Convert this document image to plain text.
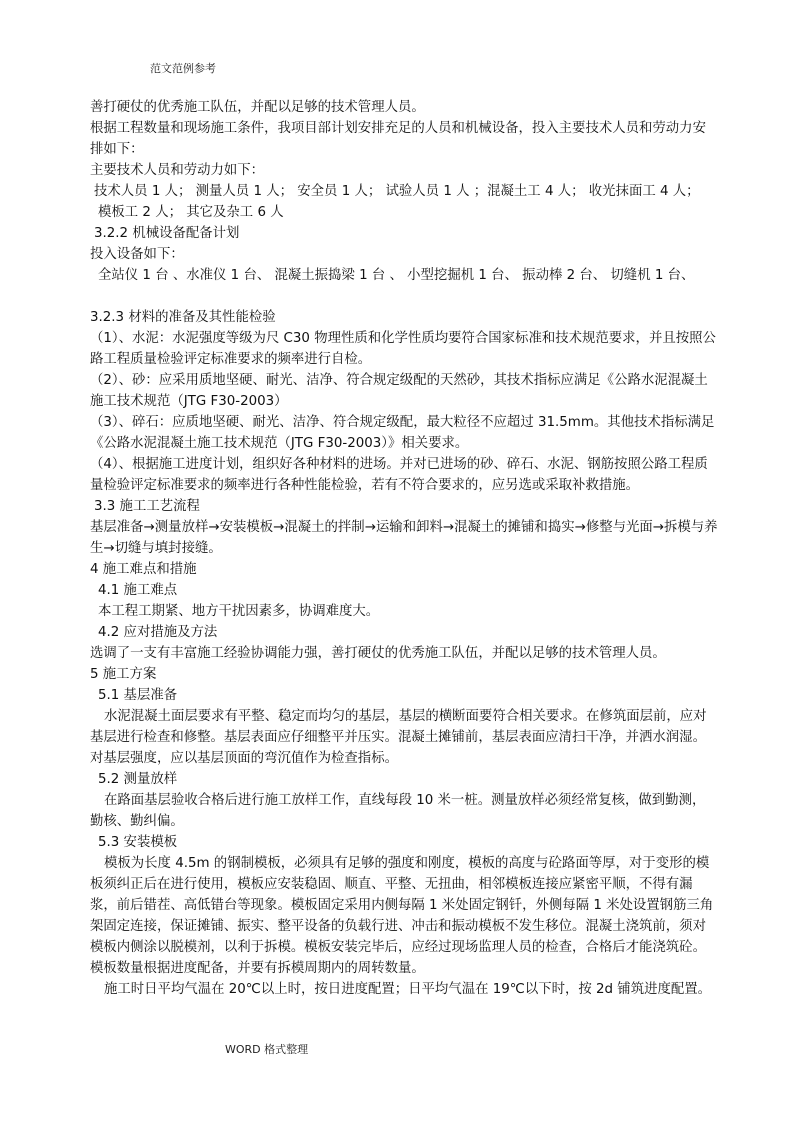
范文范例参考

善打硬仗的优秀施工队伍，并配以足够的技术管理人员。

根据工程数量和现场施工条件，我项目部计划安排充足的人员和机械设备，投入主要技术人员和劳动力安排如下：

主要技术人员和劳动力如下：

技术人员 1 人； 测量人员 1 人； 安全员 1 人； 试验人员 1 人 ；混凝土工 4 人； 收光抹面工 4 人；

模板工 2 人； 其它及杂工 6 人

3.2.2 机械设备配备计划

投入设备如下：

全站仪 1 台 、水准仪 1 台、 混凝土振捣梁 1 台 、 小型挖掘机 1 台、 振动棒 2 台、 切缝机 1 台、

3.2.3 材料的准备及其性能检验

（1）、水泥：水泥强度等级为尺 C30 物理性质和化学性质均要符合国家标准和技术规范要求，并且按照公路工程质量检验评定标准要求的频率进行自检。

（2）、砂：应采用质地坚硬、耐光、洁净、符合规定级配的天然砂，其技术指标应满足《公路水泥混凝土施工技术规范（JTG F30-2003）

（3）、碎石：应质地坚硬、耐光、洁净、符合规定级配，最大粒径不应超过 31.5mm。其他技术指标满足《公路水泥混凝土施工技术规范（JTG F30-2003）》相关要求。

（4）、根据施工进度计划，组织好各种材料的进场。并对已进场的砂、碎石、水泥、钢筋按照公路工程质量检验评定标准要求的频率进行各种性能检验，若有不符合要求的，应另选或采取补救措施。

3.3 施工工艺流程

基层准备→测量放样→安装模板→混凝土的拌制→运输和卸料→混凝土的摊铺和捣实→修整与光面→拆模与养生→切缝与填封接缝。

4 施工难点和措施

4.1 施工难点

本工程工期紧、地方干扰因素多，协调难度大。

4.2 应对措施及方法

选调了一支有丰富施工经验协调能力强，善打硬仗的优秀施工队伍，并配以足够的技术管理人员。

5 施工方案

5.1 基层准备

水泥混凝土面层要求有平整、稳定而均匀的基层，基层的横断面要符合相关要求。在修筑面层前，应对基层进行检查和修整。基层表面应仔细整平并压实。混凝土摊铺前，基层表面应清扫干净，并洒水润湿。对基层强度，应以基层顶面的弯沉值作为检查指标。

5.2 测量放样

在路面基层验收合格后进行施工放样工作，直线每段 10 米一桩。测量放样必须经常复核，做到勤测，勤核、勤纠偏。

5.3 安装模板

模板为长度 4.5m 的钢制模板，必须具有足够的强度和刚度，模板的高度与砼路面等厚，对于变形的模板须纠正后在进行使用，模板应安装稳固、顺直、平整、无扭曲，相邻模板连接应紧密平顺，不得有漏浆，前后错茬、高低错台等现象。模板固定采用内侧每隔 1 米处固定钢钎，外侧每隔 1 米处设置钢筋三角架固定连接，保证摊铺、振实、整平设备的负载行进、冲击和振动模板不发生移位。混凝土浇筑前，须对模板内侧涂以脱模剂，以利于拆模。模板安装完毕后，应经过现场监理人员的检查，合格后才能浇筑砼。模板数量根据进度配备，并要有拆模周期内的周转数量。

施工时日平均气温在 20℃以上时，按日进度配置；日平均气温在 19℃以下时，按 2d 铺筑进度配置。

WORD 格式整理
